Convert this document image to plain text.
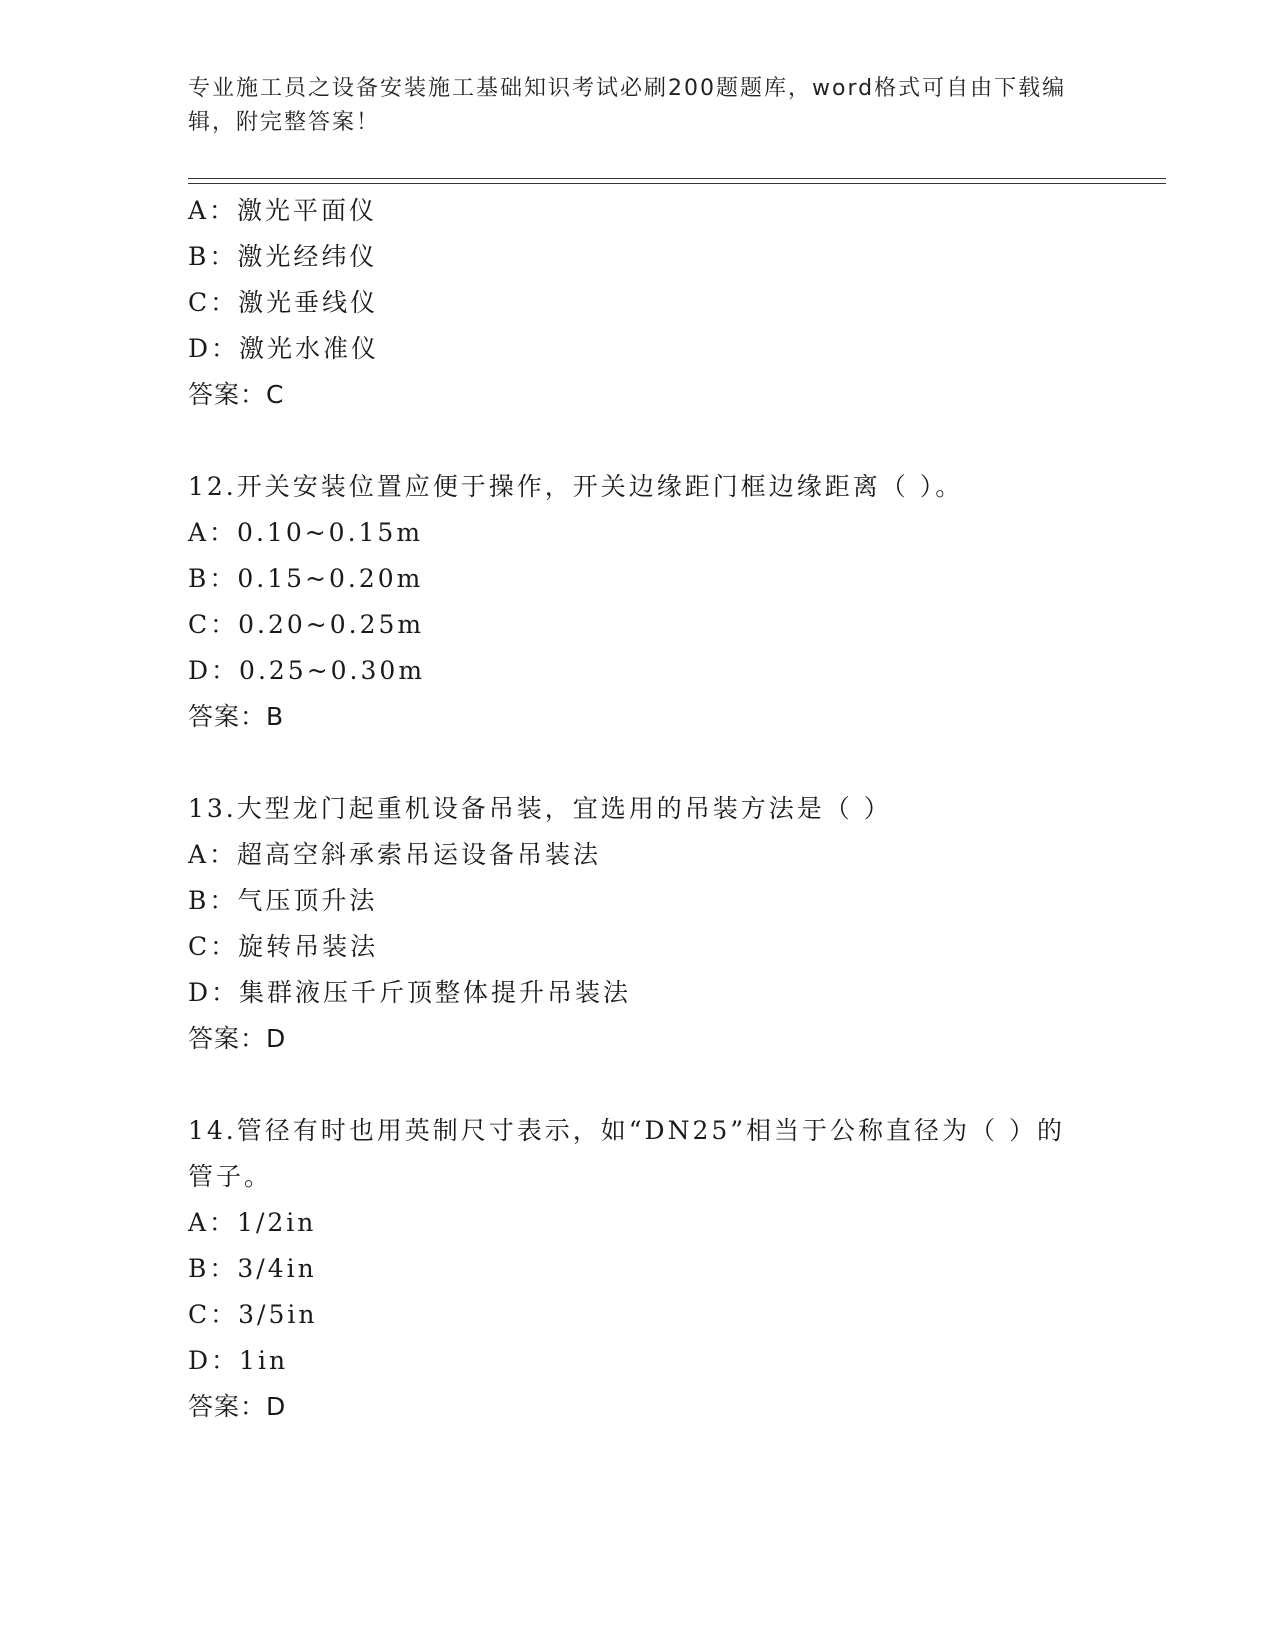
专业施工员之设备安装施工基础知识考试必刷200题题库，word格式可自由下载编辑，附完整答案！
A：激光平面仪
B：激光经纬仪
C：激光垂线仪
D：激光水准仪
答案：C
12.开关安装位置应便于操作，开关边缘距门框边缘距离（ ）。
A：0.10~0.15m
B：0.15~0.20m
C：0.20~0.25m
D：0.25~0.30m
答案：B
13.大型龙门起重机设备吊装，宜选用的吊装方法是（ ）
A：超高空斜承索吊运设备吊装法
B：气压顶升法
C：旋转吊装法
D：集群液压千斤顶整体提升吊装法
答案：D
14.管径有时也用英制尺寸表示，如“DN25”相当于公称直径为（ ）的管子。
A：1/2in
B：3/4in
C：3/5in
D：1in
答案：D
